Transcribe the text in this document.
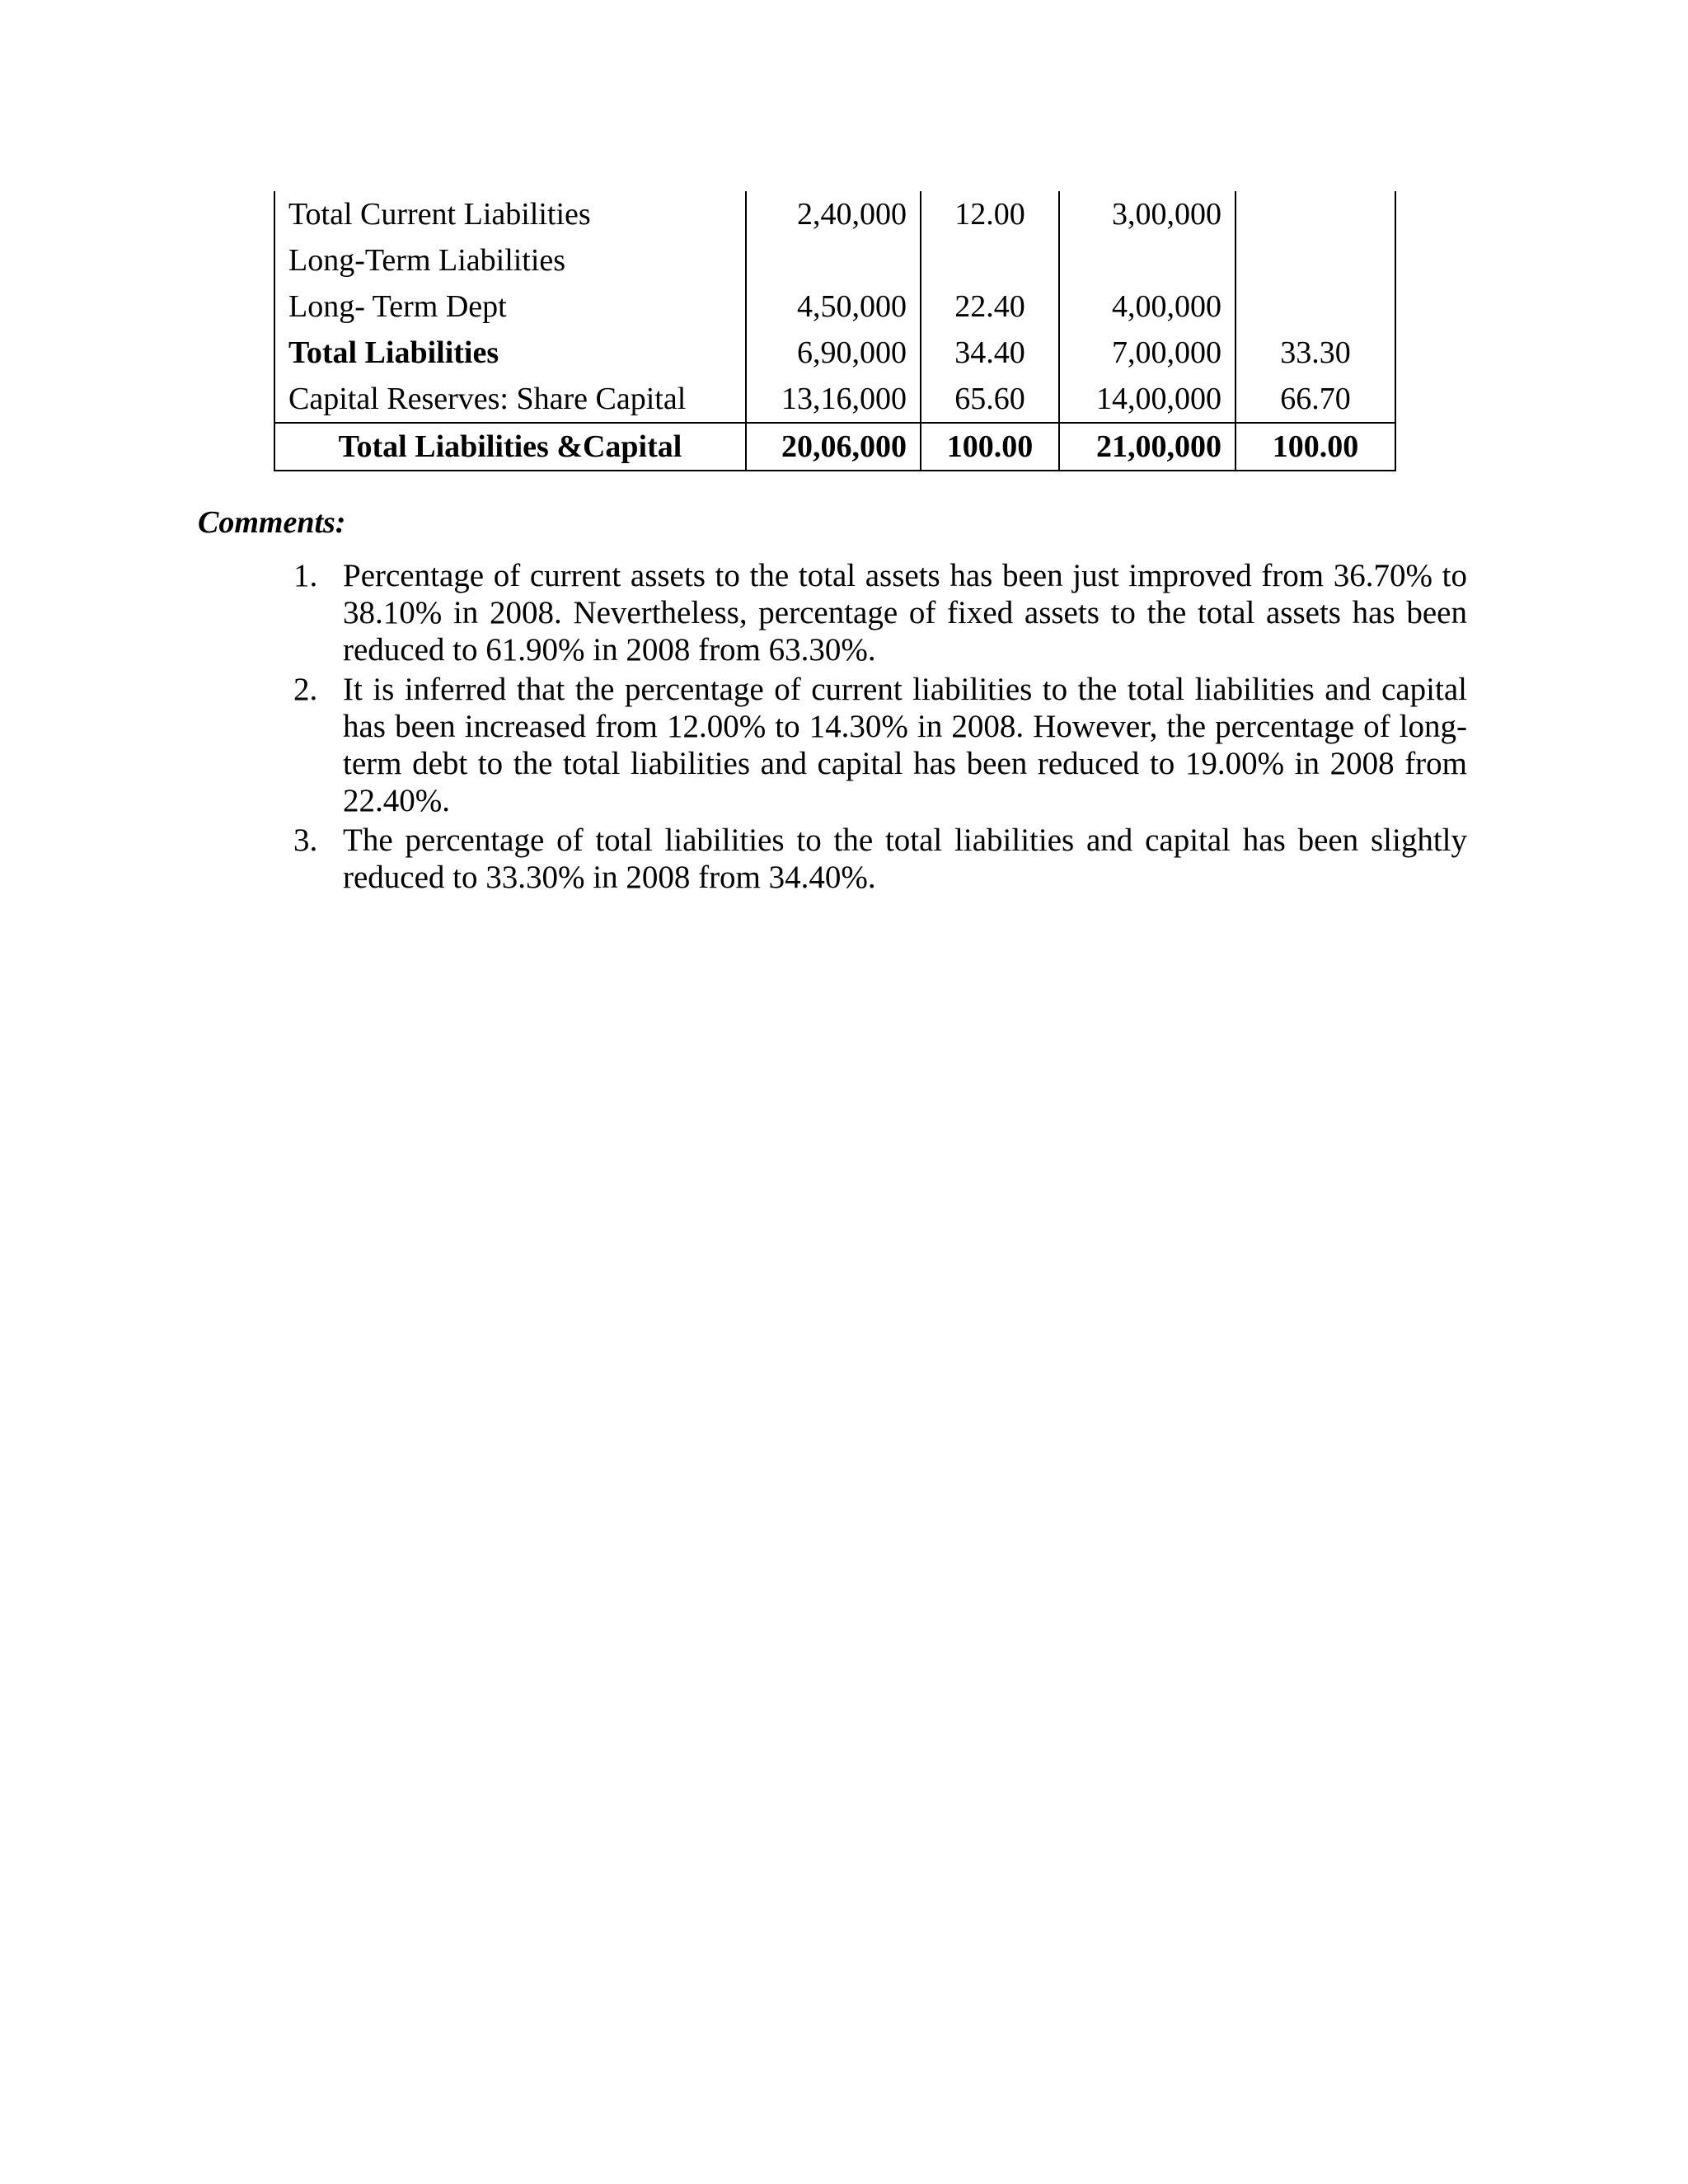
Total Current Liabilities	2,40,000	12.00	3,00,000	
Long-Term Liabilities				
Long- Term Dept	4,50,000	22.40	4,00,000	
Total Liabilities	6,90,000	34.40	7,00,000	33.30
Capital Reserves: Share Capital	13,16,000	65.60	14,00,000	66.70
Total Liabilities &Capital	20,06,000	100.00	21,00,000	100.00

Comments:

1. Percentage of current assets to the total assets has been just improved from 36.70% to 38.10% in 2008. Nevertheless, percentage of fixed assets to the total assets has been reduced to 61.90% in 2008 from 63.30%.
2. It is inferred that the percentage of current liabilities to the total liabilities and capital has been increased from 12.00% to 14.30% in 2008. However, the percentage of long-term debt to the total liabilities and capital has been reduced to 19.00% in 2008 from 22.40%.
3. The percentage of total liabilities to the total liabilities and capital has been slightly reduced to 33.30% in 2008 from 34.40%.
